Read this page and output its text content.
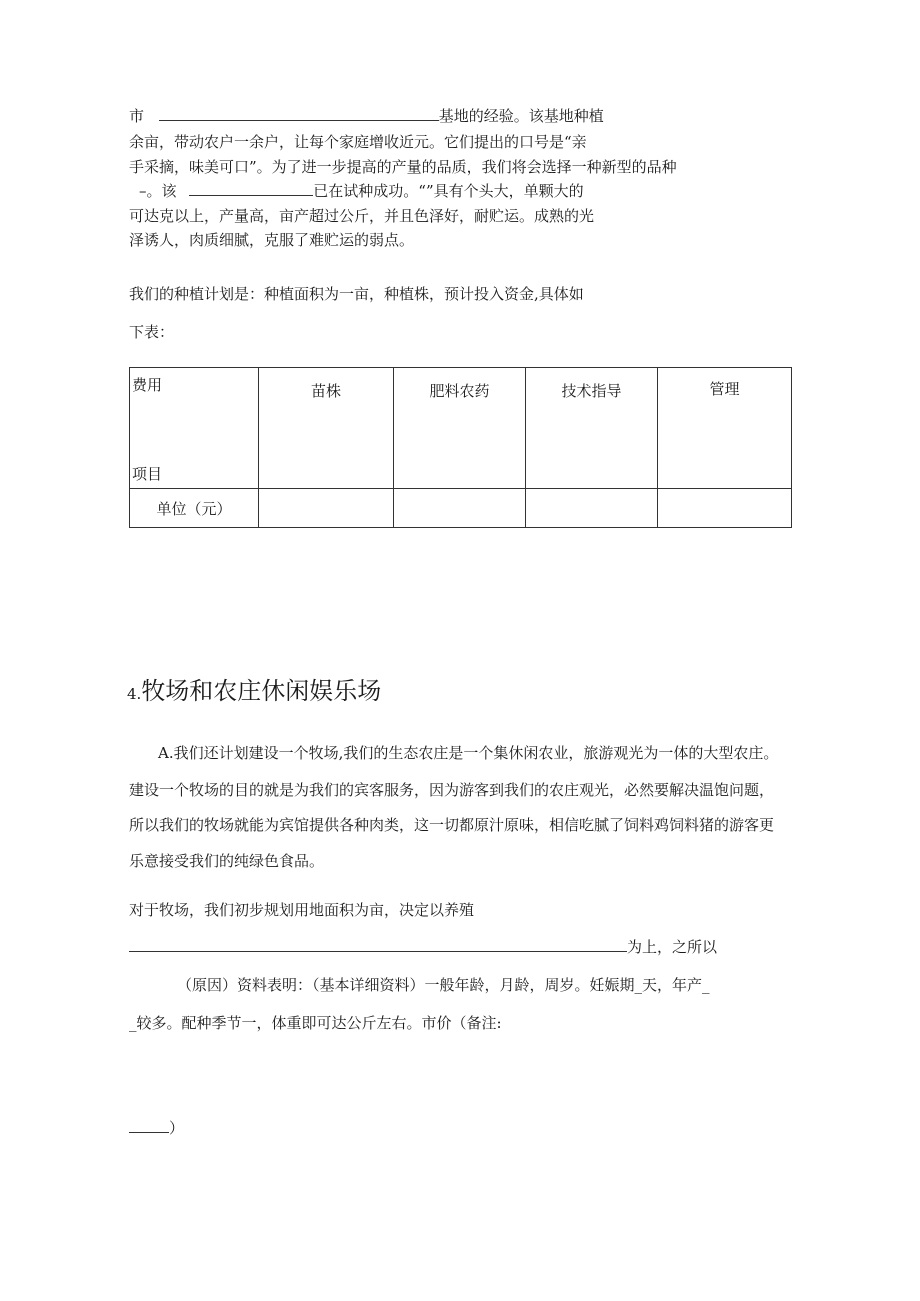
市	基地的经验。该基地种植
余亩，带动农户一余户，让每个家庭增收近元。它们提出的口号是“亲
手采摘，味美可口”。为了进一步提高的产量的品质，我们将会选择一种新型的品种
–。该	已在试种成功。“”具有个头大，单颗大的
可达克以上，产量高，亩产超过公斤，并且色泽好，耐贮运。成熟的光
泽诱人，肉质细腻，克服了难贮运的弱点。
我们的种植计划是：种植面积为一亩，种植株，预计投入资金,具体如
下表：
费用
项目	苗株	肥料农药	技术指导	管理
单位（元）				
4.牧场和农庄休闲娱乐场
A.我们还计划建设一个牧场,我们的生态农庄是一个集休闲农业，旅游观光为一体的大型农庄。
建设一个牧场的目的就是为我们的宾客服务，因为游客到我们的农庄观光，必然要解决温饱问题，
所以我们的牧场就能为宾馆提供各种肉类，这一切都原汁原味，相信吃腻了饲料鸡饲料猪的游客更
乐意接受我们的纯绿色食品。
对于牧场，我们初步规划用地面积为亩，决定以养殖
为上，之所以
（原因）资料表明：（基本详细资料）一般年龄，月龄，周岁。妊娠期_天，年产_
_较多。配种季节一，体重即可达公斤左右。市价（备注:
）
